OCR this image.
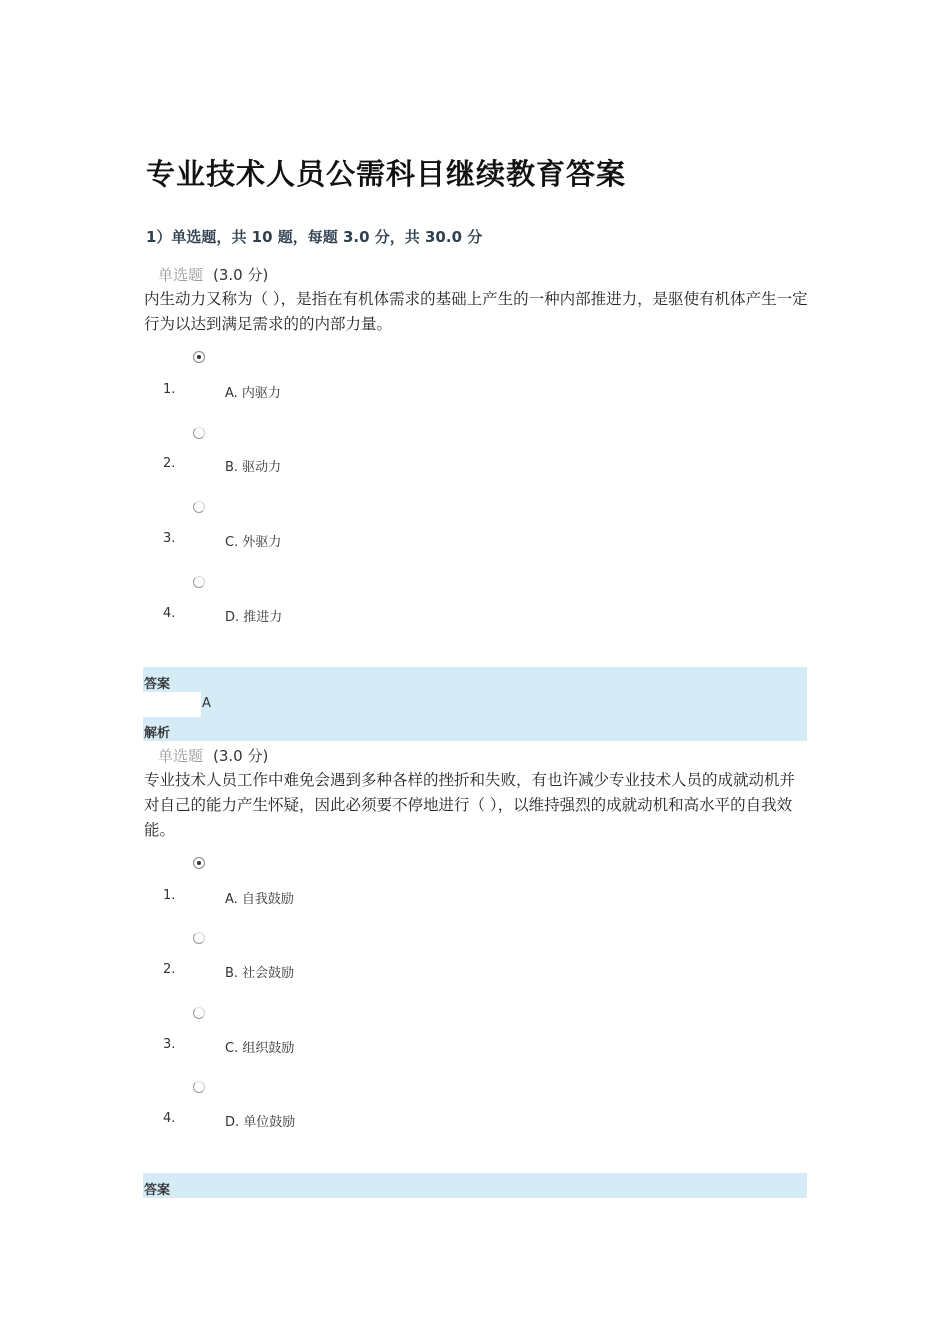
专业技术人员公需科目继续教育答案
1）单选题，共 10 题，每题 3.0 分，共 30.0 分
单选题 (3.0 分)

内生动力又称为（ ），是指在有机体需求的基础上产生的一种内部推进力，是驱使有机体产生一定行为以达到满足需求的的内部力量。

1.	A. 内驱力
2.	B. 驱动力
3.	C. 外驱力
4.	D. 推进力
答案
A
解析
单选题 (3.0 分)

专业技术人员工作中难免会遇到多种各样的挫折和失败，有也许减少专业技术人员的成就动机并对自己的能力产生怀疑，因此必须要不停地进行（ ），以维持强烈的成就动机和高水平的自我效能。

1.	A. 自我鼓励
2.	B. 社会鼓励
3.	C. 组织鼓励
4.	D. 单位鼓励
答案
